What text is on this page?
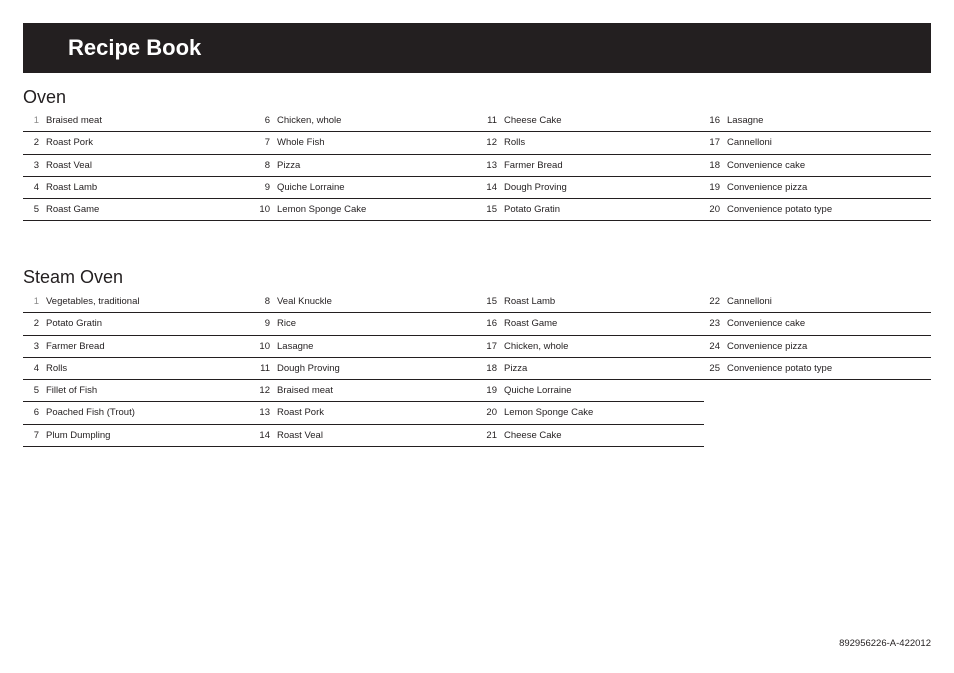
Recipe Book
Oven
1 Braised meat
2 Roast Pork
3 Roast Veal
4 Roast Lamb
5 Roast Game
6 Chicken, whole
7 Whole Fish
8 Pizza
9 Quiche Lorraine
10 Lemon Sponge Cake
11 Cheese Cake
12 Rolls
13 Farmer Bread
14 Dough Proving
15 Potato Gratin
16 Lasagne
17 Cannelloni
18 Convenience cake
19 Convenience pizza
20 Convenience potato type
Steam Oven
1 Vegetables, traditional
2 Potato Gratin
3 Farmer Bread
4 Rolls
5 Fillet of Fish
6 Poached Fish (Trout)
7 Plum Dumpling
8 Veal Knuckle
9 Rice
10 Lasagne
11 Dough Proving
12 Braised meat
13 Roast Pork
14 Roast Veal
15 Roast Lamb
16 Roast Game
17 Chicken, whole
18 Pizza
19 Quiche Lorraine
20 Lemon Sponge Cake
21 Cheese Cake
22 Cannelloni
23 Convenience cake
24 Convenience pizza
25 Convenience potato type
892956226-A-422012
